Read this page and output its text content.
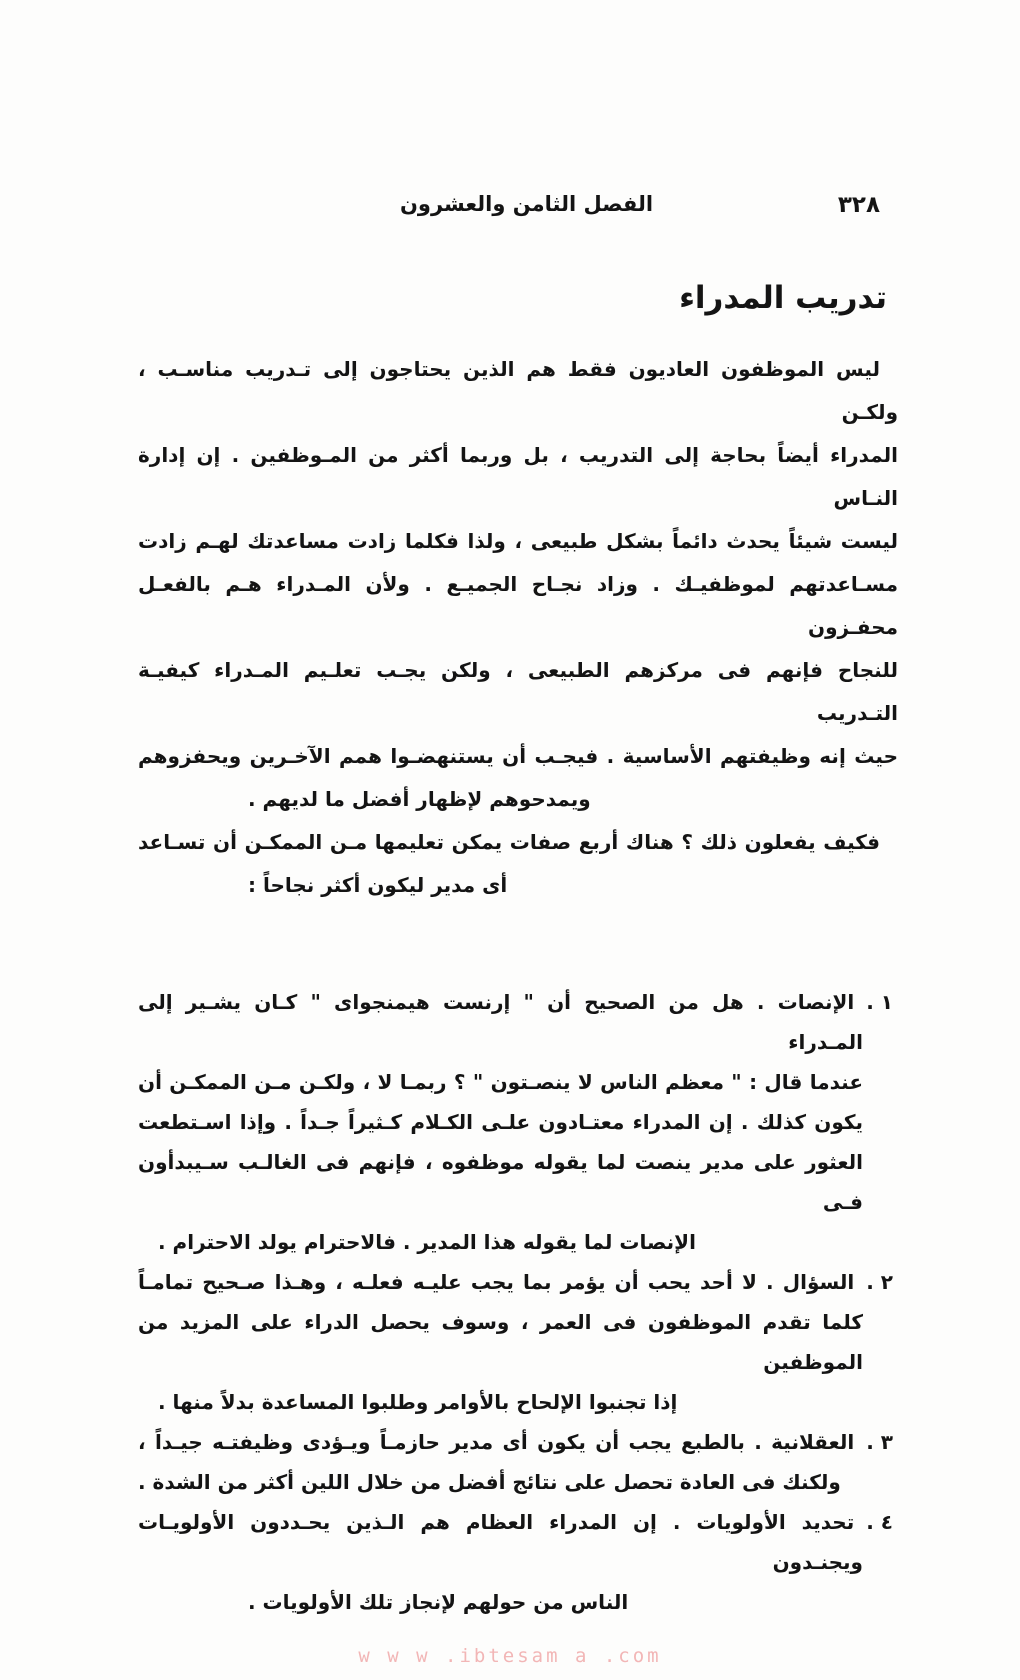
الفصل الثامن والعشرون	٣٢٨
تدريب المدراء
ليس الموظفون العاديون فقط هم الذين يحتاجون إلى تـدريب مناسـب ، ولكـن
المدراء أيضاً بحاجة إلى التدريب ، بل وربما أكثر من المـوظفين . إن إدارة النـاس
ليست شيئاً يحدث دائماً بشكل طبيعى ، ولذا فكلما زادت مساعدتك لهـم زادت
مسـاعدتهم لموظفيـك . وزاد نجـاح الجميـع . ولأن المـدراء هـم بالفعـل محفـزون
للنجاح فإنهم فى مركزهم الطبيعى ، ولكن يجـب تعلـيم المـدراء كيفيـة التـدريب
حيث إنه وظيفتهم الأساسية . فيجـب أن يستنهضـوا همم الآخـرين ويحفزوهم
ويمدحوهم لإظهار أفضل ما لديهم .
فكيف يفعلون ذلك ؟ هناك أربع صفات يمكن تعليمها مـن الممكـن أن تسـاعد
أى مدير ليكون أكثر نجاحاً :
١ .الإنصات . هل من الصحيح أن " إرنست هيمنجواى " كـان يشـير إلى المـدراء
عندما قال : " معظم الناس لا ينصـتون " ؟ ربمـا لا ، ولكـن مـن الممكـن أن
يكون كذلك . إن المدراء معتـادون علـى الكـلام كـثيراً جـداً . وإذا اسـتطعت
العثور على مدير ينصت لما يقوله موظفوه ، فإنهم فى الغالـب سـيبدأون فـى
الإنصات لما يقوله هذا المدير . فالاحترام يولد الاحترام .
٢ .السؤال . لا أحد يحب أن يؤمر بما يجب عليـه فعلـه ، وهـذا صـحيح تمامـاً
كلما تقدم الموظفون فى العمر ، وسوف يحصل الدراء على المزيد من الموظفين
إذا تجنبوا الإلحاح بالأوامر وطلبوا المساعدة بدلاً منها .
٣ .العقلانية . بالطبع يجب أن يكون أى مدير حازمـاً ويـؤدى وظيفتـه جيـداً ،
ولكنك فى العادة تحصل على نتائج أفضل من خلال اللين أكثر من الشدة .
٤ .تحديد الأولويات . إن المدراء العظام هم الـذين يحـددون الأولويـات ويجنـدون
الناس من حولهم لإنجاز تلك الأولويات .
w w w .ibtesam a .com
